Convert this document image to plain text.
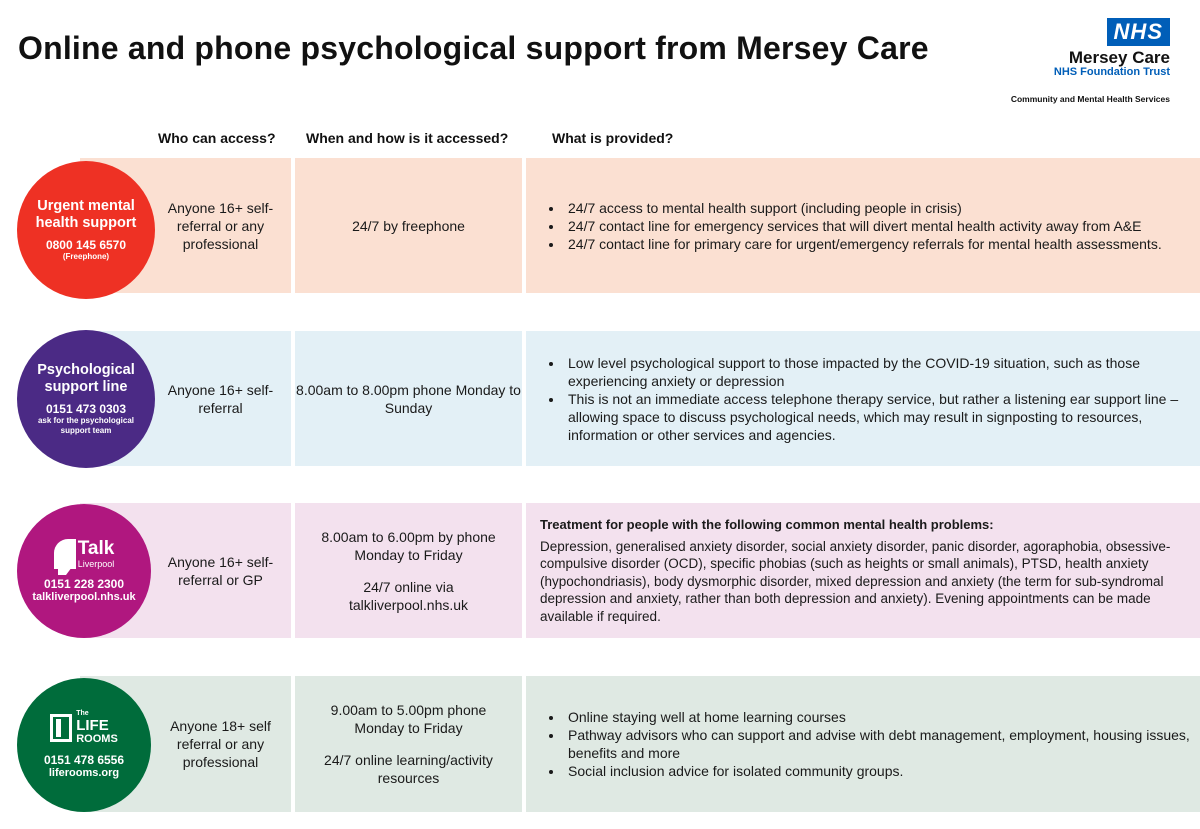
Online and phone psychological support from Mersey Care	NHS
Mersey Care
NHS Foundation Trust
Community and Mental Health Services
Who can access? When and how is it accessed?	What is provided?
Anyone 16+ self-referral or any professional
24/7 by freephone
• 24/7 access to mental health support (including people in crisis)
• 24/7 contact line for emergency services that will divert mental health activity away from A&E
• 24/7 contact line for primary care for urgent/emergency referrals for mental health assessments.
Urgent mental health support
0800 145 6570
(Freephone)
Anyone 16+ self-referral
8.00am to 8.00pm phone Monday to Sunday
• Low level psychological support to those impacted by the COVID-19 situation, such as those experiencing anxiety or depression
• This is not an immediate access telephone therapy service, but rather a listening ear support line – allowing space to discuss psychological needs, which may result in signposting to resources, information or other services and agencies.
Psychological support line
0151 473 0303
ask for the psychological support team
Anyone 16+ self-referral or GP
8.00am to 6.00pm by phone Monday to Friday
24/7 online via talkliverpool.nhs.uk
Treatment for people with the following common mental health problems:
Depression, generalised anxiety disorder, social anxiety disorder, panic disorder, agoraphobia, obsessive-compulsive disorder (OCD), specific phobias (such as heights or small animals), PTSD, health anxiety (hypochondriasis), body dysmorphic disorder, mixed depression and anxiety (the term for sub-syndromal depression and anxiety, rather than both depression and anxiety). Evening appointments can be made available if required.
Talk
Liverpool
0151 228 2300
talkliverpool.nhs.uk
Anyone 18+ self referral or any professional
9.00am to 5.00pm phone Monday to Friday
24/7 online learning/activity resources
• Online staying well at home learning courses
• Pathway advisors who can support and advise with debt management, employment, housing issues, benefits and more
• Social inclusion advice for isolated community groups.
The
LIFE
ROOMS
0151 478 6556
liferooms.org
